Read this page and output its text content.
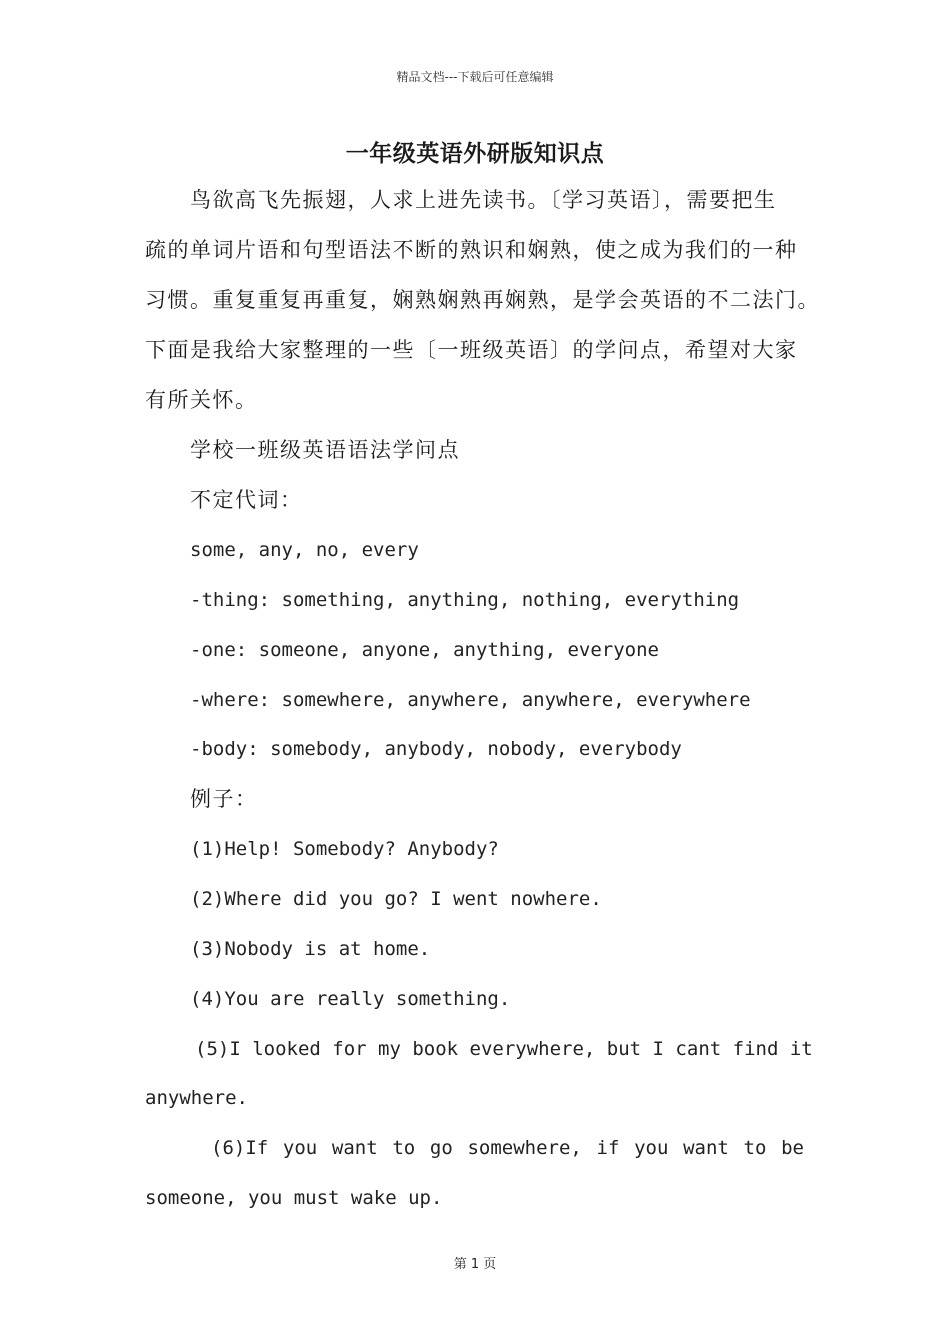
精品文档---下载后可任意编辑
一年级英语外研版知识点
鸟欲高飞先振翅，人求上进先读书。〔学习英语〕，需要把生
疏的单词片语和句型语法不断的熟识和娴熟，使之成为我们的一种
习惯。重复重复再重复，娴熟娴熟再娴熟，是学会英语的不二法门。
下面是我给大家整理的一些〔一班级英语〕的学问点，希望对大家
有所关怀。
学校一班级英语语法学问点
不定代词：
some, any, no, every
-thing: something, anything, nothing, everything
-one: someone, anyone, anything, everyone
-where: somewhere, anywhere, anywhere, everywhere
-body: somebody, anybody, nobody, everybody
例子：
(1)Help! Somebody? Anybody?
(2)Where did you go? I went nowhere.
(3)Nobody is at home.
(4)You are really something.
(5)I looked for my book everywhere, but I cant find it
anywhere.
(6)If you want to go somewhere, if you want to be
someone, you must wake up.
第 1 页
